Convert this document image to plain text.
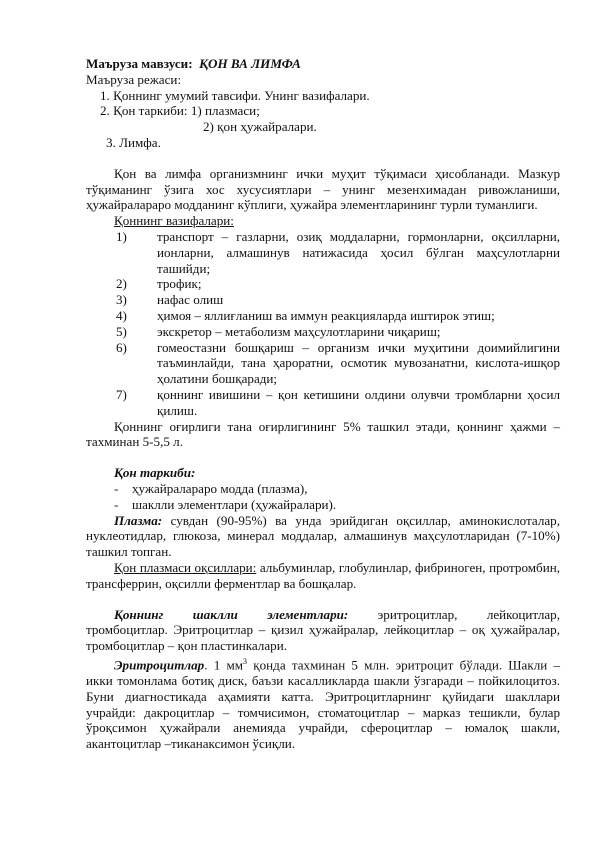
Маъруза мавзуси: ҚОН ВА ЛИМФА

Маъруза режаси:

1. Қоннинг умумий тавсифи. Унинг вазифалари.

2. Қон таркиби: 1) плазмаси;

2) қон ҳужайралари.

3. Лимфа.

Қон ва лимфа организмнинг ички муҳит тўқимаси ҳисобланади. Мазкур тўқиманинг ўзига хос хусусиятлари – унинг мезенхимадан ривожланиши, ҳужайралараро модданинг кўплиги, ҳужайра элементларининг турли туманлиги.

Қоннинг вазифалари:

1)	транспорт – газларни, озиқ моддаларни, гормонларни, оқсилларни, ионларни, алмашинув натижасида ҳосил бўлган маҳсулотларни ташийди;
2)	трофик;
3)	нафас олиш
4)	ҳимоя – яллиғланиш ва иммун реакцияларда иштирок этиш;
5)	экскретор – метаболизм маҳсулотларини чиқариш;
6)	гомеостазни бошқариш – организм ички муҳитини доимийлигини таъминлайди, тана ҳароратни, осмотик мувозанатни, кислота-ишқор ҳолатини бошқаради;
7)	қоннинг ивишини – қон кетишини олдини олувчи тромбларни ҳосил қилиш.

Қоннинг оғирлиги тана оғирлигининг 5% ташкил этади, қоннинг ҳажми – тахминан 5-5,5 л.

Қон таркиби:

-	ҳужайралараро модда (плазма),
-	шаклли элементлари (ҳужайралари).

Плазма: сувдан (90-95%) ва унда эрийдиган оқсиллар, аминокислоталар, нуклеотидлар, глюкоза, минерал моддалар, алмашинув маҳсулотларидан (7-10%) ташкил топган.

Қон плазмаси оқсиллари: альбуминлар, глобулинлар, фибриноген, протромбин, трансферрин, оқсилли ферментлар ва бошқалар.

Қоннинг шаклли элементлари: эритроцитлар, лейкоцитлар,

тромбоцитлар. Эритроцитлар – қизил ҳужайралар, лейкоцитлар – оқ ҳужайралар, тромбоцитлар – қон пластинкалари.

Эритроцитлар. 1 $мм^3$ қонда тахминан 5 млн. эритроцит бўлади. Шакли – икки томонлама ботиқ диск, баъзи касалликларда шакли ўзгаради – пойкилоцитоз. Буни диагностикада аҳамияти катта. Эритроцитларнинг қуйидаги шакллари учрайди: дакроцитлар – томчисимон, стоматоцитлар – марказ тешикли, булар ўроқсимон ҳужайрали анемияда учрайди, сфероцитлар – юмалоқ шакли, акантоцитлар –тиканаксимон ўсиқли.
